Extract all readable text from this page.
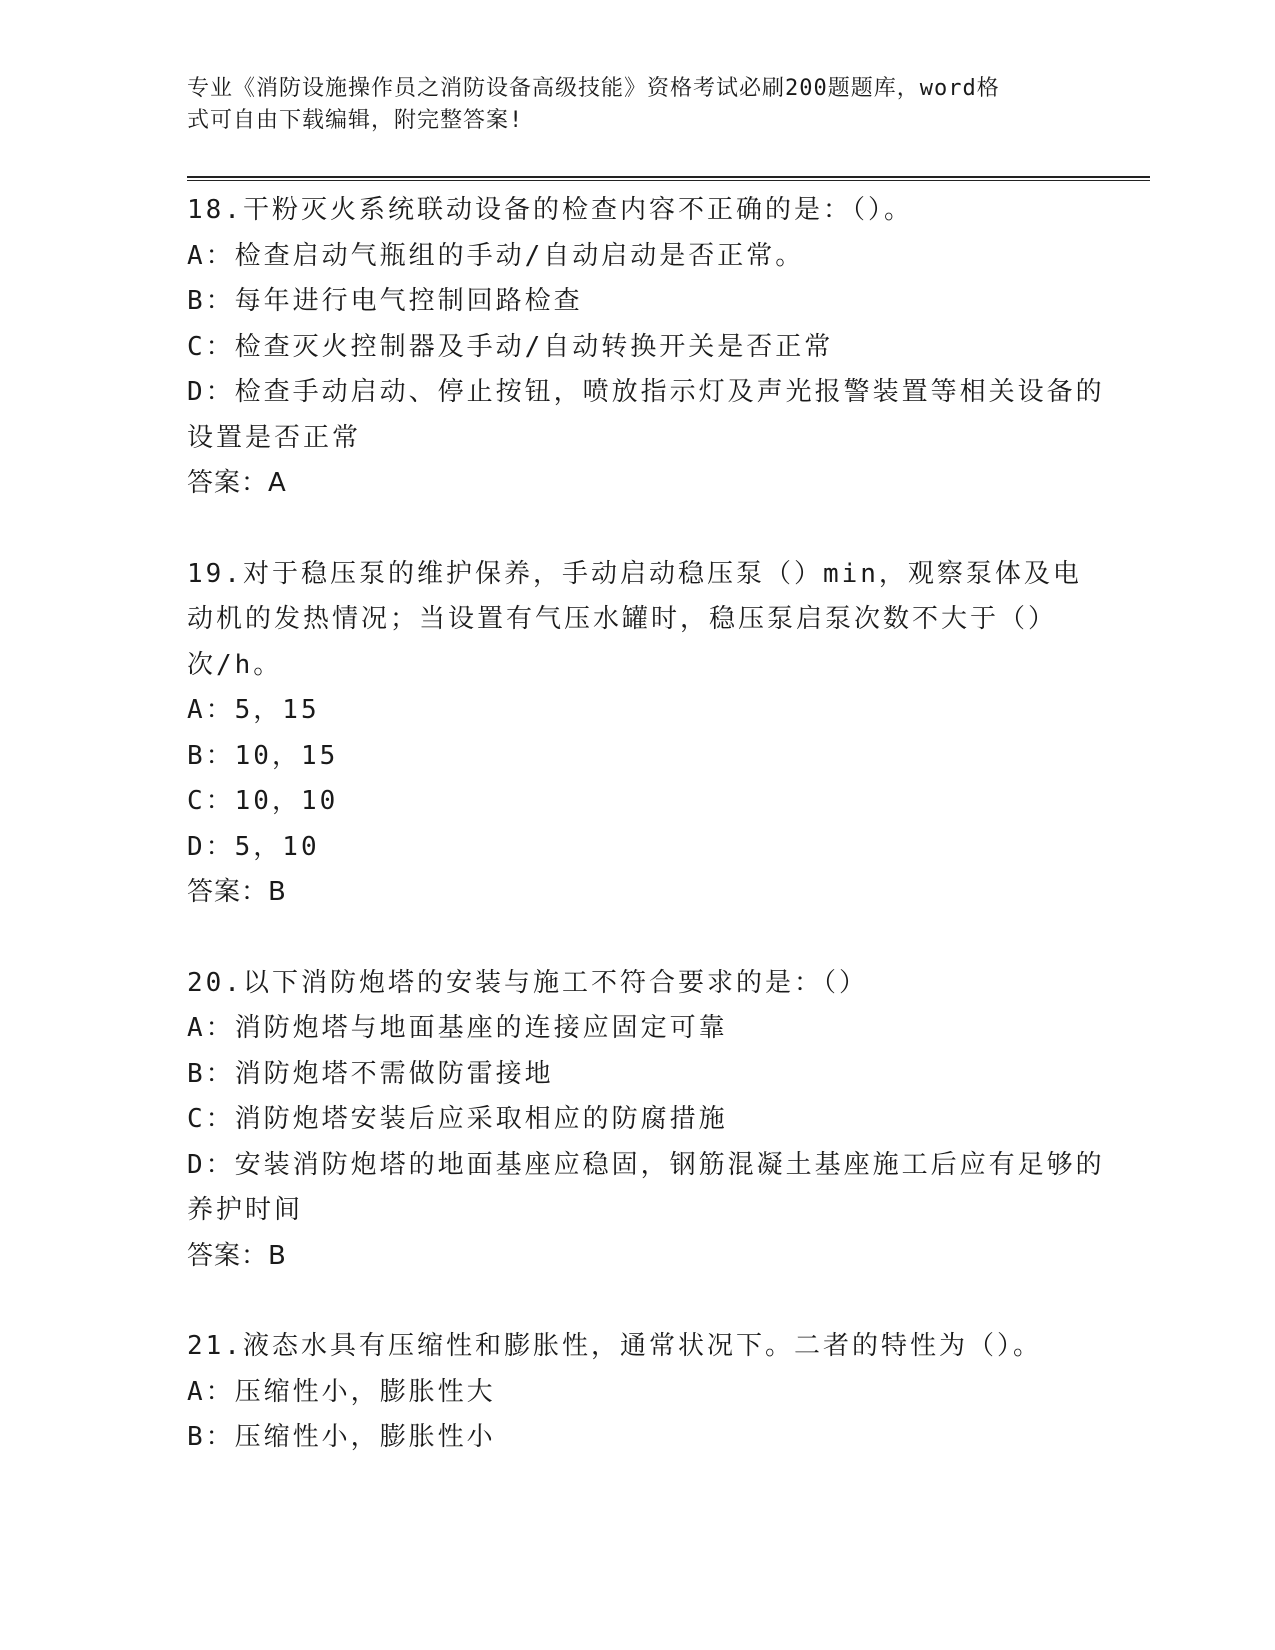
专业《消防设施操作员之消防设备高级技能》资格考试必刷200题题库，word格
式可自由下载编辑，附完整答案!

18.干粉灭火系统联动设备的检查内容不正确的是：（）。

A：检查启动气瓶组的手动/自动启动是否正常。

B：每年进行电气控制回路检查

C：检查灭火控制器及手动/自动转换开关是否正常

D：检查手动启动、停止按钮，喷放指示灯及声光报警装置等相关设备的设置是否正常

答案：A

19.对于稳压泵的维护保养，手动启动稳压泵（）min，观察泵体及电动机的发热情况；当设置有气压水罐时，稳压泵启泵次数不大于（）次/h。

A：5，15

B：10，15

C：10，10

D：5，10

答案：B

20.以下消防炮塔的安装与施工不符合要求的是：（）

A：消防炮塔与地面基座的连接应固定可靠

B：消防炮塔不需做防雷接地

C：消防炮塔安装后应采取相应的防腐措施

D：安装消防炮塔的地面基座应稳固，钢筋混凝土基座施工后应有足够的养护时间

答案：B

21.液态水具有压缩性和膨胀性，通常状况下。二者的特性为（）。

A：压缩性小，膨胀性大

B：压缩性小，膨胀性小
